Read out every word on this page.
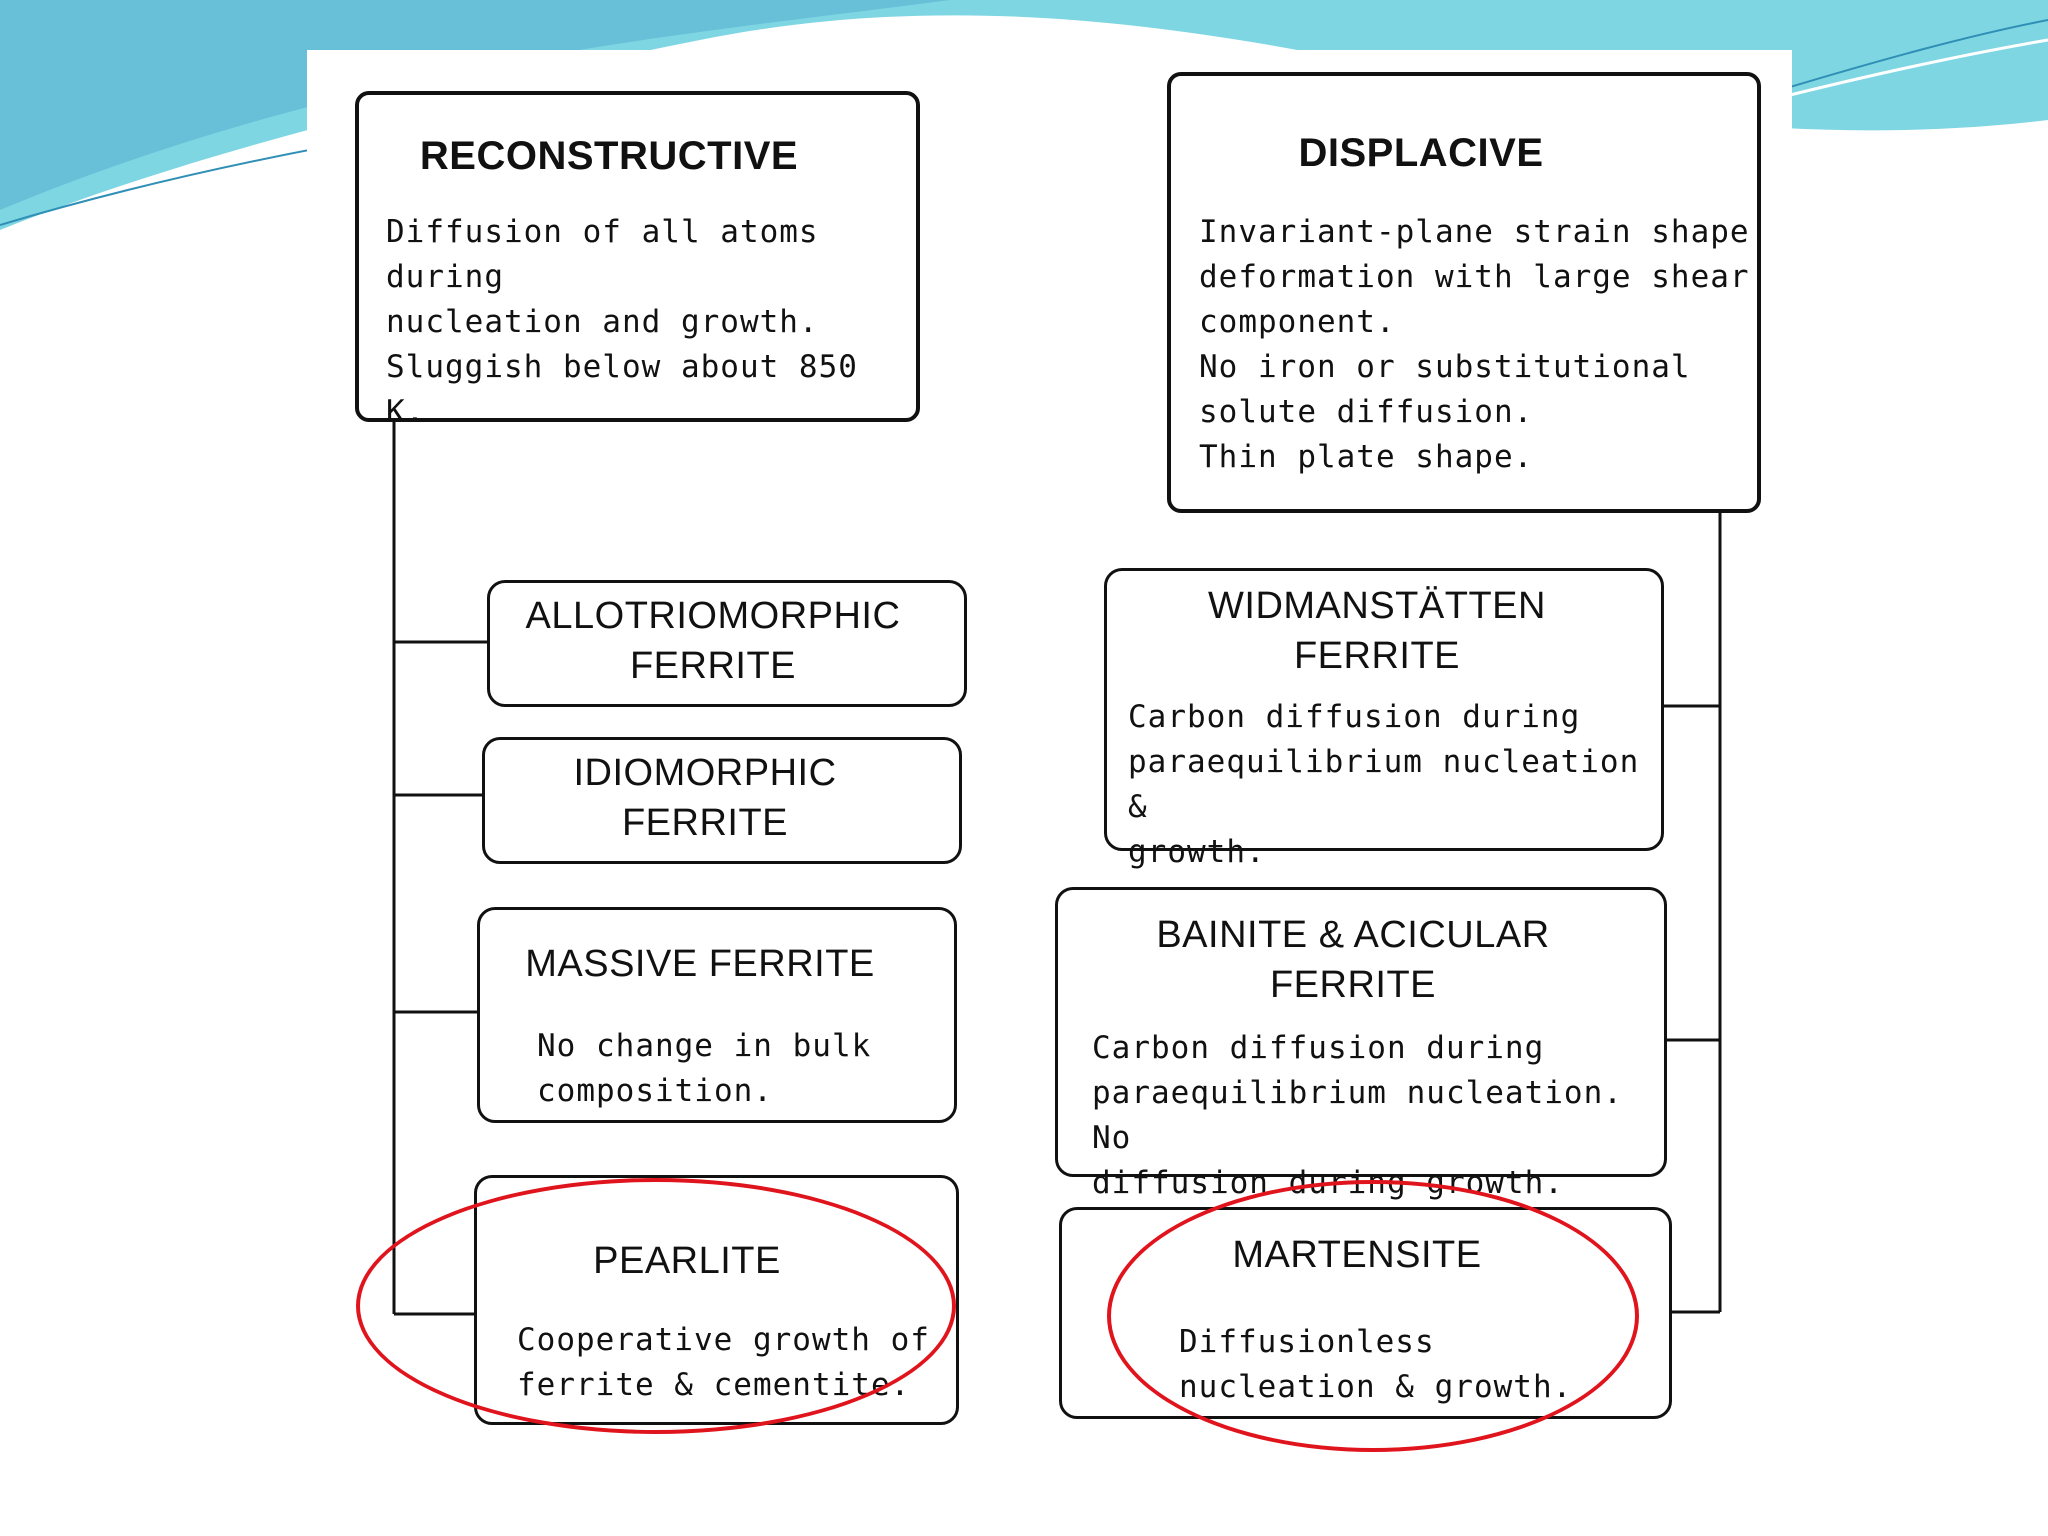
RECONSTRUCTIVE
Diffusion of all atoms during
nucleation and growth.
Sluggish below about 850 K.
DISPLACIVE
Invariant-plane strain shape
deformation with large shear
component.
No iron or substitutional
solute diffusion.
Thin plate shape.
ALLOTRIOMORPHIC
FERRITE
IDIOMORPHIC
FERRITE
MASSIVE FERRITE
No change in bulk
composition.
PEARLITE
Cooperative growth of
ferrite & cementite.
WIDMANSTÄTTEN
FERRITE
Carbon diffusion during
paraequilibrium nucleation &
growth.
BAINITE & ACICULAR
FERRITE
Carbon diffusion during
paraequilibrium nucleation. No
diffusion during growth.
MARTENSITE
Diffusionless
nucleation & growth.
